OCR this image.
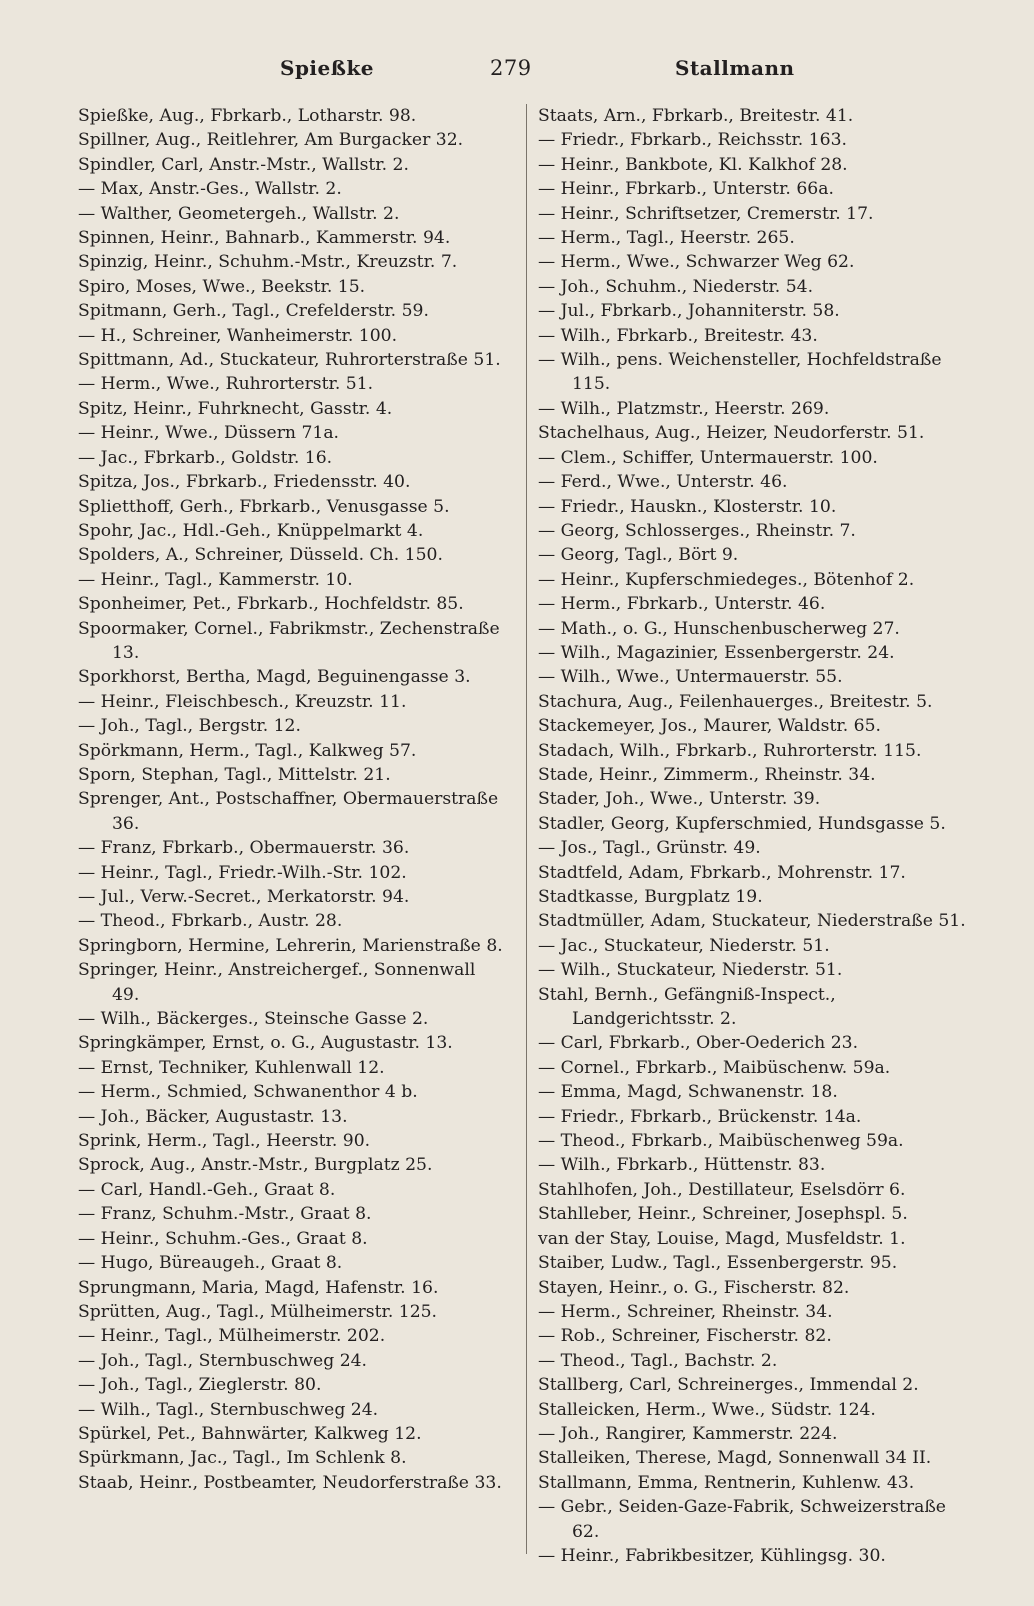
Spießke	279	Stallmann

Spießke, Aug., Fbrkarb., Lotharstr. 98.

Spillner, Aug., Reitlehrer, Am Burgacker 32.

Spindler, Carl, Anstr.-Mstr., Wallstr. 2.

— Max, Anstr.-Ges., Wallstr. 2.

— Walther, Geometergeh., Wallstr. 2.

Spinnen, Heinr., Bahnarb., Kammerstr. 94.

Spinzig, Heinr., Schuhm.-Mstr., Kreuzstr. 7.

Spiro, Moses, Wwe., Beekstr. 15.

Spitmann, Gerh., Tagl., Crefelderstr. 59.

— H., Schreiner, Wanheimerstr. 100.

Spittmann, Ad., Stuckateur, Ruhrorterstraße 51.

— Herm., Wwe., Ruhrorterstr. 51.

Spitz, Heinr., Fuhrknecht, Gasstr. 4.

— Heinr., Wwe., Düssern 71a.

— Jac., Fbrkarb., Goldstr. 16.

Spitza, Jos., Fbrkarb., Friedensstr. 40.

Splietthoff, Gerh., Fbrkarb., Venusgasse 5.

Spohr, Jac., Hdl.-Geh., Knüppelmarkt 4.

Spolders, A., Schreiner, Düsseld. Ch. 150.

— Heinr., Tagl., Kammerstr. 10.

Sponheimer, Pet., Fbrkarb., Hochfeldstr. 85.

Spoormaker, Cornel., Fabrikmstr., Zechenstraße 13.

Sporkhorst, Bertha, Magd, Beguinengasse 3.

— Heinr., Fleischbesch., Kreuzstr. 11.

— Joh., Tagl., Bergstr. 12.

Spörkmann, Herm., Tagl., Kalkweg 57.

Sporn, Stephan, Tagl., Mittelstr. 21.

Sprenger, Ant., Postschaffner, Obermauerstraße 36.

— Franz, Fbrkarb., Obermauerstr. 36.

— Heinr., Tagl., Friedr.-Wilh.-Str. 102.

— Jul., Verw.-Secret., Merkatorstr. 94.

— Theod., Fbrkarb., Austr. 28.

Springborn, Hermine, Lehrerin, Marienstraße 8.

Springer, Heinr., Anstreichergef., Sonnenwall 49.

— Wilh., Bäckerges., Steinsche Gasse 2.

Springkämper, Ernst, o. G., Augustastr. 13.

— Ernst, Techniker, Kuhlenwall 12.

— Herm., Schmied, Schwanenthor 4 b.

— Joh., Bäcker, Augustastr. 13.

Sprink, Herm., Tagl., Heerstr. 90.

Sprock, Aug., Anstr.-Mstr., Burgplatz 25.

— Carl, Handl.-Geh., Graat 8.

— Franz, Schuhm.-Mstr., Graat 8.

— Heinr., Schuhm.-Ges., Graat 8.

— Hugo, Büreaugeh., Graat 8.

Sprungmann, Maria, Magd, Hafenstr. 16.

Sprütten, Aug., Tagl., Mülheimerstr. 125.

— Heinr., Tagl., Mülheimerstr. 202.

— Joh., Tagl., Sternbuschweg 24.

— Joh., Tagl., Zieglerstr. 80.

— Wilh., Tagl., Sternbuschweg 24.

Spürkel, Pet., Bahnwärter, Kalkweg 12.

Spürkmann, Jac., Tagl., Im Schlenk 8.

Staab, Heinr., Postbeamter, Neudorferstraße 33.

Staats, Arn., Fbrkarb., Breitestr. 41.

— Friedr., Fbrkarb., Reichsstr. 163.

— Heinr., Bankbote, Kl. Kalkhof 28.

— Heinr., Fbrkarb., Unterstr. 66a.

— Heinr., Schriftsetzer, Cremerstr. 17.

— Herm., Tagl., Heerstr. 265.

— Herm., Wwe., Schwarzer Weg 62.

— Joh., Schuhm., Niederstr. 54.

— Jul., Fbrkarb., Johanniterstr. 58.

— Wilh., Fbrkarb., Breitestr. 43.

— Wilh., pens. Weichensteller, Hochfeldstraße 115.

— Wilh., Platzmstr., Heerstr. 269.

Stachelhaus, Aug., Heizer, Neudorferstr. 51.

— Clem., Schiffer, Untermauerstr. 100.

— Ferd., Wwe., Unterstr. 46.

— Friedr., Hauskn., Klosterstr. 10.

— Georg, Schlosserges., Rheinstr. 7.

— Georg, Tagl., Bört 9.

— Heinr., Kupferschmiedeges., Bötenhof 2.

— Herm., Fbrkarb., Unterstr. 46.

— Math., o. G., Hunschenbuscherweg 27.

— Wilh., Magazinier, Essenbergerstr. 24.

— Wilh., Wwe., Untermauerstr. 55.

Stachura, Aug., Feilenhauerges., Breitestr. 5.

Stackemeyer, Jos., Maurer, Waldstr. 65.

Stadach, Wilh., Fbrkarb., Ruhrorterstr. 115.

Stade, Heinr., Zimmerm., Rheinstr. 34.

Stader, Joh., Wwe., Unterstr. 39.

Stadler, Georg, Kupferschmied, Hundsgasse 5.

— Jos., Tagl., Grünstr. 49.

Stadtfeld, Adam, Fbrkarb., Mohrenstr. 17.

Stadtkasse, Burgplatz 19.

Stadtmüller, Adam, Stuckateur, Niederstraße 51.

— Jac., Stuckateur, Niederstr. 51.

— Wilh., Stuckateur, Niederstr. 51.

Stahl, Bernh., Gefängniß-Inspect., Landgerichtsstr. 2.

— Carl, Fbrkarb., Ober-Oederich 23.

— Cornel., Fbrkarb., Maibüschenw. 59a.

— Emma, Magd, Schwanenstr. 18.

— Friedr., Fbrkarb., Brückenstr. 14a.

— Theod., Fbrkarb., Maibüschenweg 59a.

— Wilh., Fbrkarb., Hüttenstr. 83.

Stahlhofen, Joh., Destillateur, Eselsdörr 6.

Stahlleber, Heinr., Schreiner, Josephspl. 5.

van der Stay, Louise, Magd, Musfeldstr. 1.

Staiber, Ludw., Tagl., Essenbergerstr. 95.

Stayen, Heinr., o. G., Fischerstr. 82.

— Herm., Schreiner, Rheinstr. 34.

— Rob., Schreiner, Fischerstr. 82.

— Theod., Tagl., Bachstr. 2.

Stallberg, Carl, Schreinerges., Immendal 2.

Stalleicken, Herm., Wwe., Südstr. 124.

— Joh., Rangirer, Kammerstr. 224.

Stalleiken, Therese, Magd, Sonnenwall 34 II.

Stallmann, Emma, Rentnerin, Kuhlenw. 43.

— Gebr., Seiden-Gaze-Fabrik, Schweizerstraße 62.

— Heinr., Fabrikbesitzer, Kühlingsg. 30.
